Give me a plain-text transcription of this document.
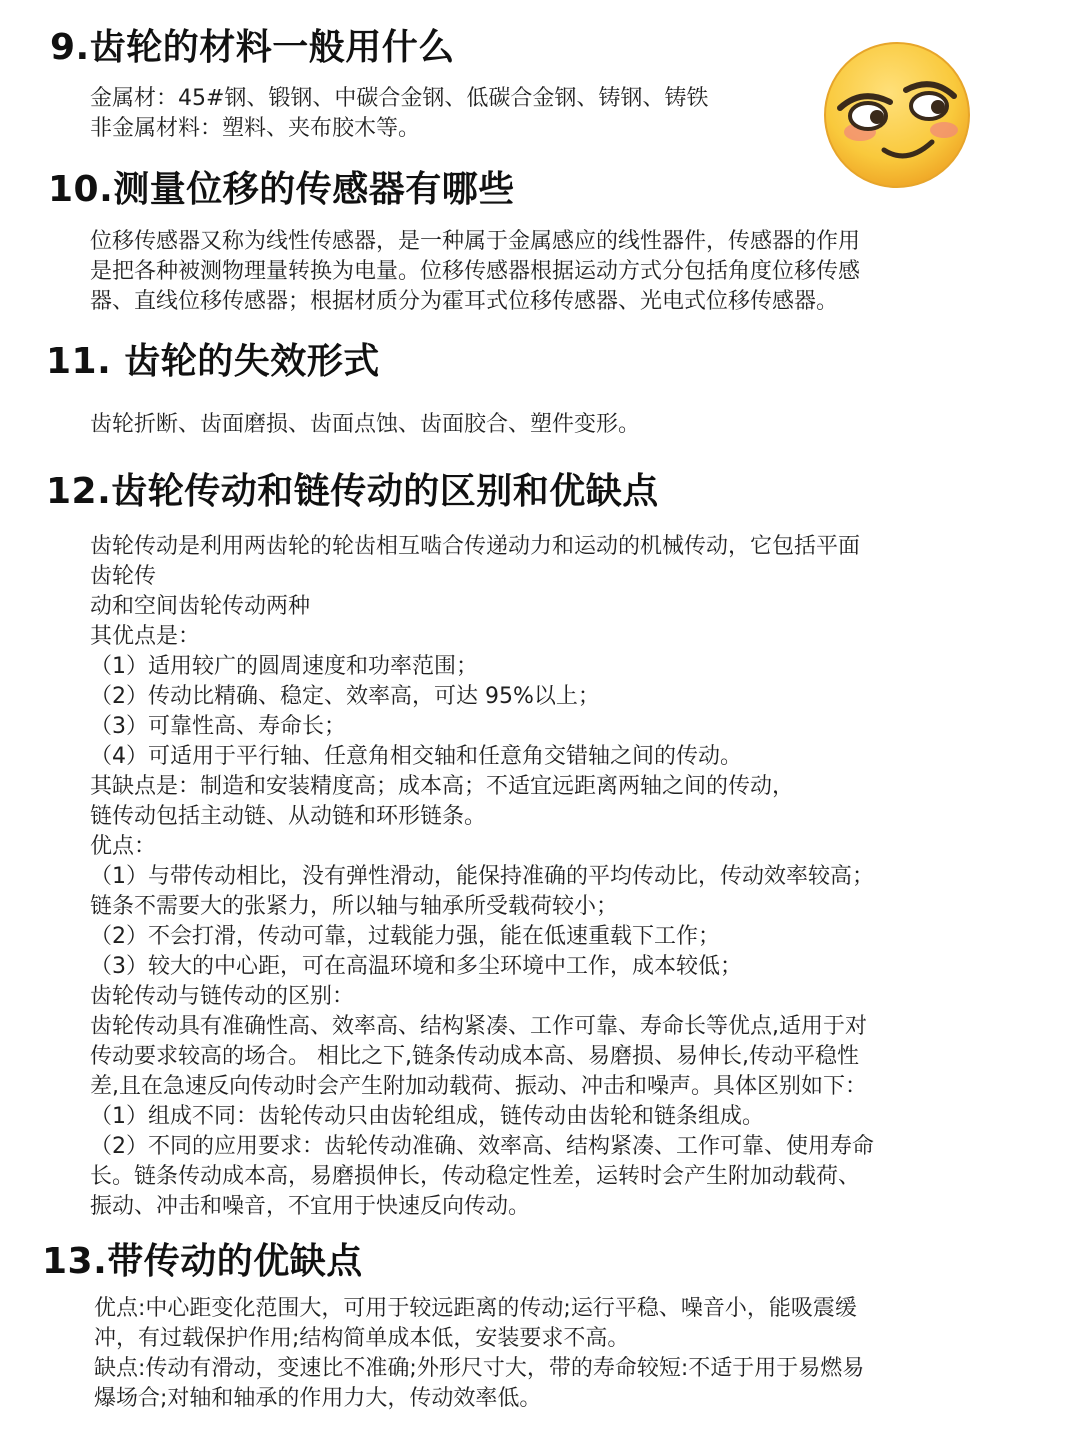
9.齿轮的材料一般用什么
金属材：45#钢、锻钢、中碳合金钢、低碳合金钢、铸钢、铸铁
非金属材料：塑料、夹布胶木等。
10.测量位移的传感器有哪些
位移传感器又称为线性传感器，是一种属于金属感应的线性器件，传感器的作用
是把各种被测物理量转换为电量。位移传感器根据运动方式分包括角度位移传感
器、直线位移传感器；根据材质分为霍耳式位移传感器、光电式位移传感器。
11. 齿轮的失效形式
齿轮折断、齿面磨损、齿面点蚀、齿面胶合、塑件变形。
12.齿轮传动和链传动的区别和优缺点
齿轮传动是利用两齿轮的轮齿相互啮合传递动力和运动的机械传动，它包括平面
齿轮传
动和空间齿轮传动两种
其优点是：
（1）适用较广的圆周速度和功率范围；
（2）传动比精确、稳定、效率高，可达 95%以上；
（3）可靠性高、寿命长；
（4）可适用于平行轴、任意角相交轴和任意角交错轴之间的传动。
其缺点是：制造和安装精度高；成本高；不适宜远距离两轴之间的传动，
链传动包括主动链、从动链和环形链条。
优点：
（1）与带传动相比，没有弹性滑动，能保持准确的平均传动比，传动效率较高；
链条不需要大的张紧力，所以轴与轴承所受载荷较小；
（2）不会打滑，传动可靠，过载能力强，能在低速重载下工作；
（3）较大的中心距，可在高温环境和多尘环境中工作，成本较低；
齿轮传动与链传动的区别：
齿轮传动具有准确性高、效率高、结构紧凑、工作可靠、寿命长等优点,适用于对
传动要求较高的场合。 相比之下,链条传动成本高、易磨损、易伸长,传动平稳性
差,且在急速反向传动时会产生附加动载荷、振动、冲击和噪声。具体区别如下：
（1）组成不同：齿轮传动只由齿轮组成，链传动由齿轮和链条组成。
（2）不同的应用要求：齿轮传动准确、效率高、结构紧凑、工作可靠、使用寿命
长。链条传动成本高，易磨损伸长，传动稳定性差，运转时会产生附加动载荷、
振动、冲击和噪音，不宜用于快速反向传动。
13.带传动的优缺点
优点:中心距变化范围大，可用于较远距离的传动;运行平稳、噪音小，能吸震缓
冲，有过载保护作用;结构简单成本低，安装要求不高。
缺点:传动有滑动，变速比不准确;外形尺寸大，带的寿命较短:不适于用于易燃易
爆场合;对轴和轴承的作用力大，传动效率低。
